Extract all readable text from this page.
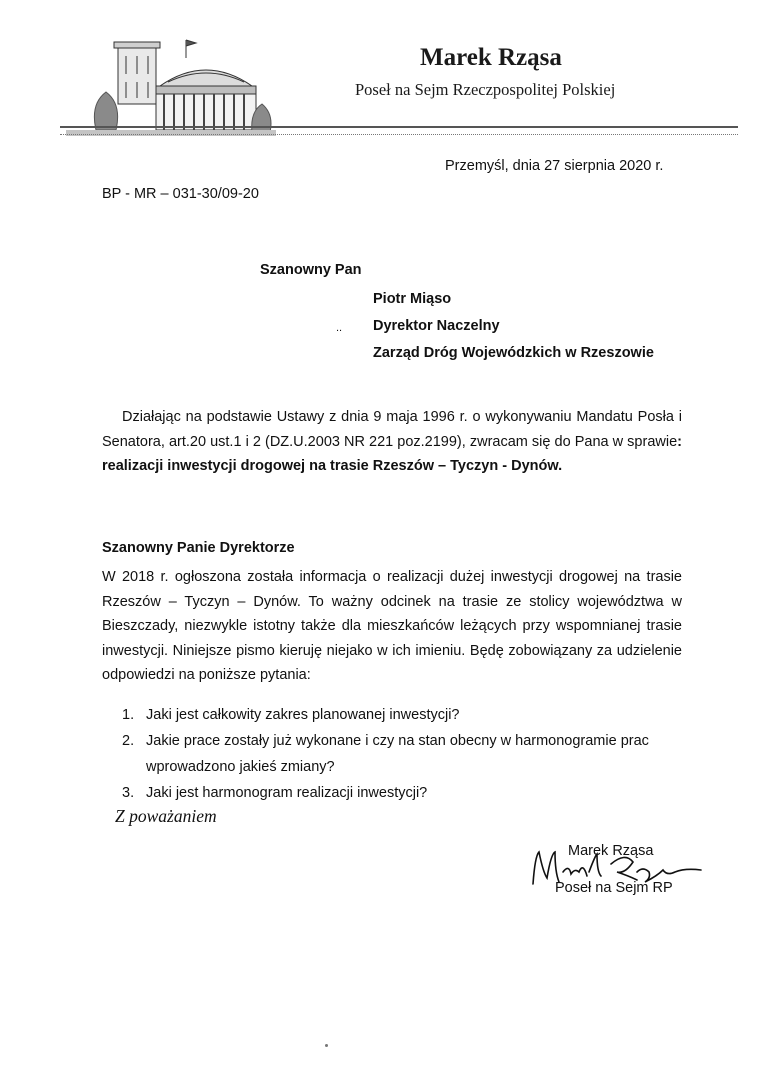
Marek Rząsa
Poseł na Sejm Rzeczpospolitej Polskiej
Przemyśl, dnia 27 sierpnia 2020 r.
BP - MR – 031-30/09-20
Szanowny Pan
Piotr Miąso
.. Dyrektor Naczelny
Zarząd Dróg Wojewódzkich w Rzeszowie
Działając na podstawie Ustawy z dnia 9 maja 1996 r. o wykonywaniu Mandatu Posła i Senatora, art.20 ust.1 i 2 (DZ.U.2003 NR 221 poz.2199), zwracam się do Pana w sprawie: realizacji inwestycji drogowej na trasie Rzeszów – Tyczyn - Dynów.
Szanowny Panie Dyrektorze
W 2018 r. ogłoszona została informacja o realizacji dużej inwestycji drogowej na trasie Rzeszów – Tyczyn – Dynów. To ważny odcinek na trasie ze stolicy województwa w Bieszczady, niezwykle istotny także dla mieszkańców leżących przy wspomnianej trasie inwestycji. Niniejsze pismo kieruję niejako w ich imieniu. Będę zobowiązany za udzielenie odpowiedzi na poniższe pytania:
1. Jaki jest całkowity zakres planowanej inwestycji?
2. Jakie prace zostały już wykonane i czy na stan obecny w harmonogramie prac wprowadzono jakieś zmiany?
3. Jaki jest harmonogram realizacji inwestycji?
Z poważaniem
Marek Rząsa
Poseł na Sejm RP
